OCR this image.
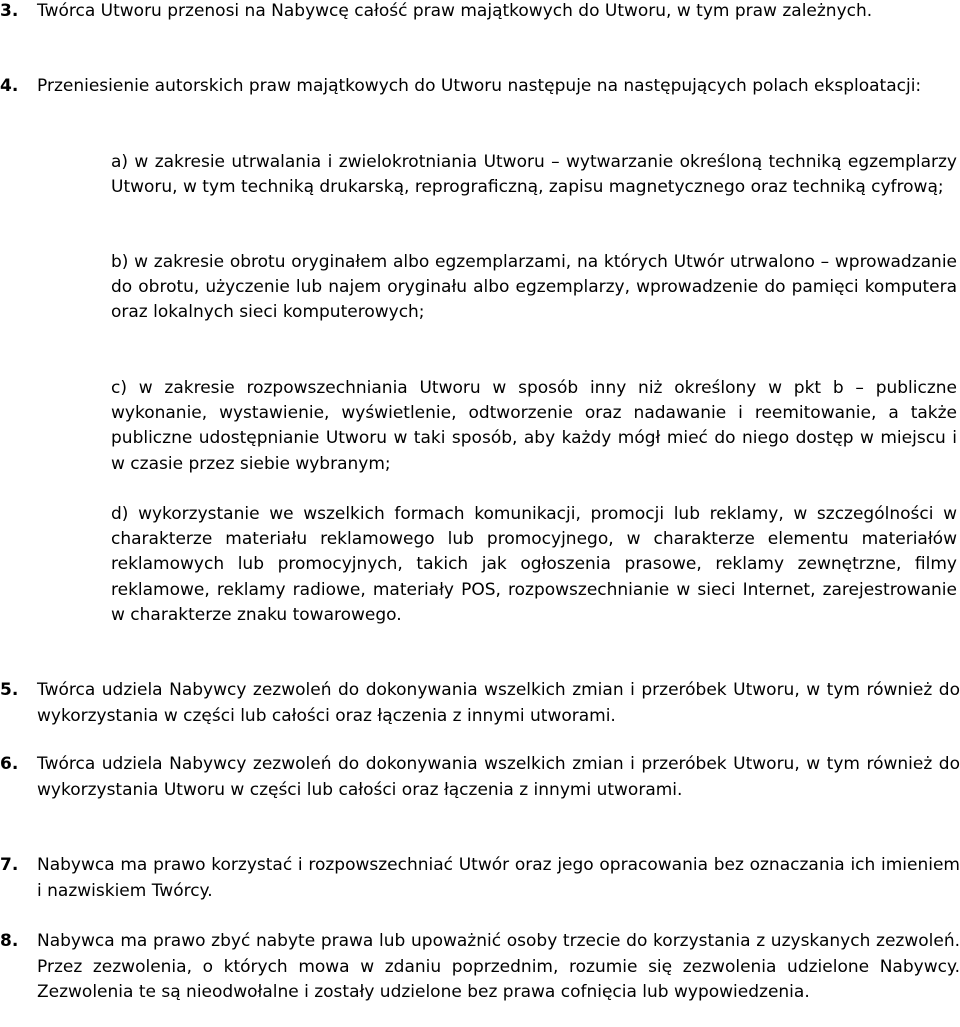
3.	Twórca Utworu przenosi na Nabywcę całość praw majątkowych do Utworu, w tym praw zależnych.
4.	Przeniesienie autorskich praw majątkowych do Utworu następuje na następujących polach eksploatacji:
a) w zakresie utrwalania i zwielokrotniania Utworu – wytwarzanie określoną techniką egzemplarzy Utworu, w tym techniką drukarską, reprograficzną, zapisu magnetycznego oraz techniką cyfrową;
b) w zakresie obrotu oryginałem albo egzemplarzami, na których Utwór utrwalono – wprowadzanie do obrotu, użyczenie lub najem oryginału albo egzemplarzy, wprowadzenie do pamięci komputera oraz lokalnych sieci komputerowych;
c) w zakresie rozpowszechniania Utworu w sposób inny niż określony w pkt b – publiczne wykonanie, wystawienie, wyświetlenie, odtworzenie oraz nadawanie i reemitowanie, a także publiczne udostępnianie Utworu w taki sposób, aby każdy mógł mieć do niego dostęp w miejscu i w czasie przez siebie wybranym;
d) wykorzystanie we wszelkich formach komunikacji, promocji lub reklamy, w szczególności w charakterze materiału reklamowego lub promocyjnego, w charakterze elementu materiałów reklamowych lub promocyjnych, takich jak ogłoszenia prasowe, reklamy zewnętrzne, filmy reklamowe, reklamy radiowe, materiały POS, rozpowszechnianie w sieci Internet, zarejestrowanie w charakterze znaku towarowego.
5.	Twórca udziela Nabywcy zezwoleń do dokonywania wszelkich zmian i przeróbek Utworu, w tym również do wykorzystania w części lub całości oraz łączenia z innymi utworami.
6.	Twórca udziela Nabywcy zezwoleń do dokonywania wszelkich zmian i przeróbek Utworu, w tym również do wykorzystania Utworu w części lub całości oraz łączenia z innymi utworami.
7.	Nabywca ma prawo korzystać i rozpowszechniać Utwór oraz jego opracowania bez oznaczania ich imieniem i nazwiskiem Twórcy.
8.	Nabywca ma prawo zbyć nabyte prawa lub upoważnić osoby trzecie do korzystania z uzyskanych zezwoleń. Przez zezwolenia, o których mowa w zdaniu poprzednim, rozumie się zezwolenia udzielone Nabywcy. Zezwolenia te są nieodwołalne i zostały udzielone bez prawa cofnięcia lub wypowiedzenia.
